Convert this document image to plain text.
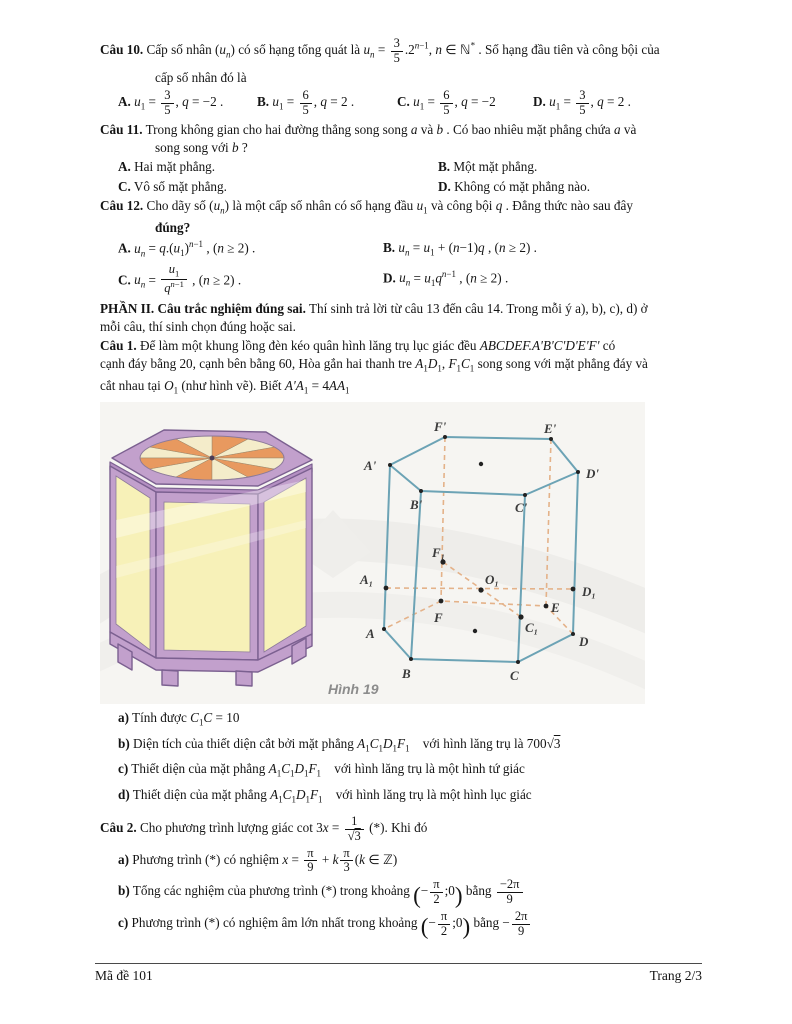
Câu 10. Cấp số nhân $(u_n)$ có số hạng tổng quát là $u_n = \frac{3}{5} .2^{n-1}$, n ∈ ℕ* . Số hạng đầu tiên và công bội của
cấp số nhân đó là
A. $u_1 = \frac{3}{5}$ , q = −2 .	B. $u_1 = \frac{6}{5}$ , q = 2 .	C. $u_1 = \frac{6}{5}$ , q = −2	D. $u_1 = \frac{3}{5}$ , q = 2 .
Câu 11. Trong không gian cho hai đường thẳng song song a và b . Có bao nhiêu mặt phẳng chứa a và
song song với b ?
A. Hai mặt phẳng.	B. Một mặt phẳng.
C. Vô số mặt phẳng.	D. Không có mặt phẳng nào.
Câu 12. Cho dãy số $(u_n)$ là một cấp số nhân có số hạng đầu $u_1$ và công bội q . Đẳng thức nào sau đây
đúng?
A. $u_n = q.(u_1)^{n-1}$ , (n ≥ 2) .	B. $u_n = u_1 + (n-1)q$ , (n ≥ 2) .
C. $u_n = \frac{u_1}{q^{n-1}}$ , (n ≥ 2) .	D. $u_n = u_1q^{n-1}$ , (n ≥ 2) .
PHẦN II. Câu trắc nghiệm đúng sai. Thí sinh trả lời từ câu 13 đến câu 14. Trong mỗi ý a), b), c), d) ở
mỗi câu, thí sinh chọn đúng hoặc sai.
Câu 1. Để làm một khung lồng đèn kéo quân hình lăng trụ lục giác đều ABCDEF.A'B'C'D'E'F' có
cạnh đáy bằng 20, cạnh bên bằng 60, Hòa gắn hai thanh tre $A_1D_1$, $F_1C_1$ song song với mặt phẳng đáy và
cắt nhau tại $O_1$ (như hình vẽ). Biết $A'A_1 = 4AA_1$
F'	E'
A'
D'
B'	C'
F₁
O₁
A₁
D₁
E
F
C₁
A
B	C
D
Hình 19
a) Tính được $C_1C = 10$
b) Diện tích của thiết diện cắt bởi mặt phẳng $A_1C_1D_1F_1$    với hình lăng trụ là 700√3
c) Thiết diện của mặt phẳng $A_1C_1D_1F_1$    với hình lăng trụ là một hình tứ giác
d) Thiết diện của mặt phẳng $A_1C_1D_1F_1$    với hình lăng trụ là một hình lục giác
Câu 2. Cho phương trình lượng giác $\cot 3x = \frac{1}{√3}$ (*). Khi đó
a) Phương trình (*) có nghiệm $x = \frac{\pi}{9} + k \frac{\pi}{3} (k$ ∈ ℤ)
b) Tổng các nghiệm của phương trình (*) trong khoảng (− $\frac{\pi}{2}$ ;0) bằng $\frac{-2\pi}{9}$
c) Phương trình (*) có nghiệm âm lớn nhất trong khoảng (− $\frac{\pi}{2}$ ;0) bằng − $\frac{2\pi}{9}$
Mã đề 101	Trang 2/3
